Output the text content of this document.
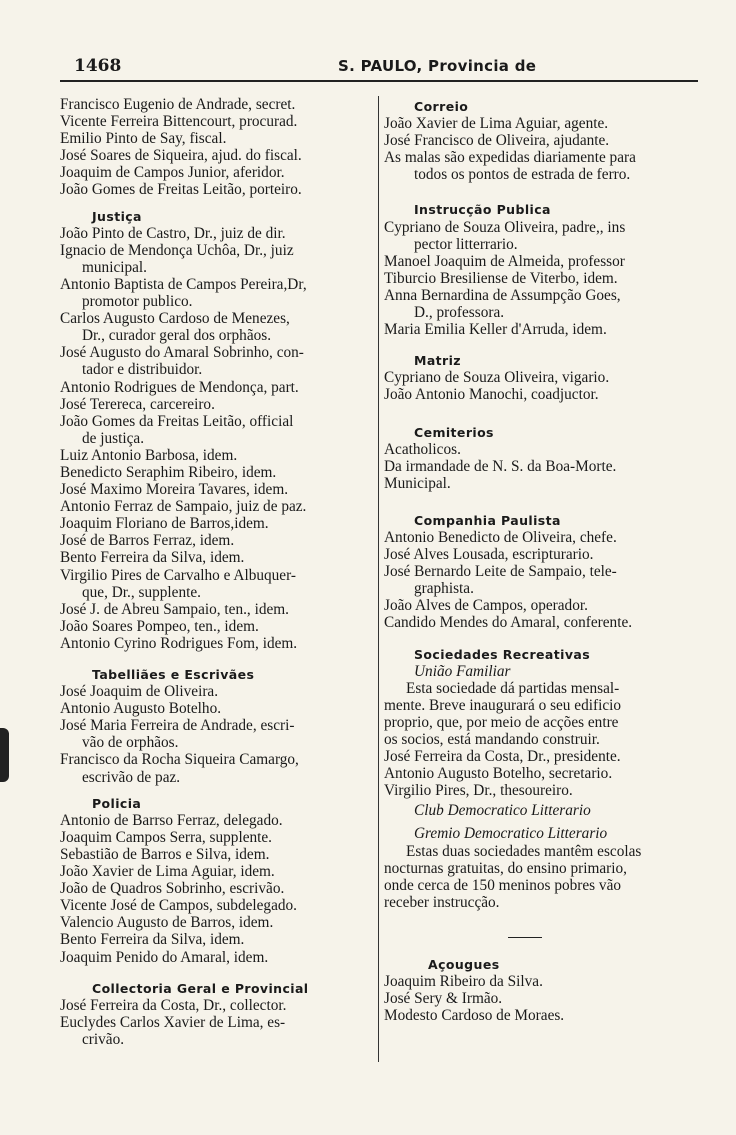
1468	S. PAULO, Provincia de
Francisco Eugenio de Andrade, secret.
Vicente Ferreira Bittencourt, procurad.
Emilio Pinto de Say, fiscal.
José Soares de Siqueira, ajud. do fiscal.
Joaquim de Campos Junior, aferidor.
João Gomes de Freitas Leitão, porteiro.
Justiça
João Pinto de Castro, Dr., juiz de dir.
Ignacio de Mendonça Uchôa, Dr., juiz
municipal.
Antonio Baptista de Campos Pereira,Dr,
promotor publico.
Carlos Augusto Cardoso de Menezes,
Dr., curador geral dos orphãos.
José Augusto do Amaral Sobrinho, con-
tador e distribuidor.
Antonio Rodrigues de Mendonça, part.
José Terereca, carcereiro.
João Gomes da Freitas Leitão, official
de justiça.
Luiz Antonio Barbosa, idem.
Benedicto Seraphim Ribeiro, idem.
José Maximo Moreira Tavares, idem.
Antonio Ferraz de Sampaio, juiz de paz.
Joaquim Floriano de Barros,idem.
José de Barros Ferraz, idem.
Bento Ferreira da Silva, idem.
Virgilio Pires de Carvalho e Albuquer-
que, Dr., supplente.
José J. de Abreu Sampaio, ten., idem.
João Soares Pompeo, ten., idem.
Antonio Cyrino Rodrigues Fom, idem.
Tabelliães e Escrivães
José Joaquim de Oliveira.
Antonio Augusto Botelho.
José Maria Ferreira de Andrade, escri-
vão de orphãos.
Francisco da Rocha Siqueira Camargo,
escrivão de paz.
Policia
Antonio de Barrso Ferraz, delegado.
Joaquim Campos Serra, supplente.
Sebastião de Barros e Silva, idem.
João Xavier de Lima Aguiar, idem.
João de Quadros Sobrinho, escrivão.
Vicente José de Campos, subdelegado.
Valencio Augusto de Barros, idem.
Bento Ferreira da Silva, idem.
Joaquim Penido do Amaral, idem.
Collectoria Geral e Provincial
José Ferreira da Costa, Dr., collector.
Euclydes Carlos Xavier de Lima, es-
crivão.
Correio
João Xavier de Lima Aguiar, agente.
José Francisco de Oliveira, ajudante.
As malas são expedidas diariamente para
todos os pontos de estrada de ferro.
Instrucção Publica
Cypriano de Souza Oliveira, padre,, ins
pector litterrario.
Manoel Joaquim de Almeida, professor
Tiburcio Bresiliense de Viterbo, idem.
Anna Bernardina de Assumpção Goes,
D., professora.
Maria Emilia Keller d'Arruda, idem.
Matriz
Cypriano de Souza Oliveira, vigario.
João Antonio Manochi, coadjuctor.
Cemiterios
Acatholicos.
Da irmandade de N. S. da Boa-Morte.
Municipal.
Companhia Paulista
Antonio Benedicto de Oliveira, chefe.
José Alves Lousada, escripturario.
José Bernardo Leite de Sampaio, tele-
graphista.
João Alves de Campos, operador.
Candido Mendes do Amaral, conferente.
Sociedades Recreativas
União Familiar
Esta sociedade dá partidas mensal-
mente. Breve inaugurará o seu edificio
proprio, que, por meio de acções entre
os socios, está mandando construir.
José Ferreira da Costa, Dr., presidente.
Antonio Augusto Botelho, secretario.
Virgilio Pires, Dr., thesoureiro.
Club Democratico Litterario
Gremio Democratico Litterario
Estas duas sociedades mantêm escolas
nocturnas gratuitas, do ensino primario,
onde cerca de 150 meninos pobres vão
receber instrucção.
Açougues
Joaquim Ribeiro da Silva.
José Sery & Irmão.
Modesto Cardoso de Moraes.
